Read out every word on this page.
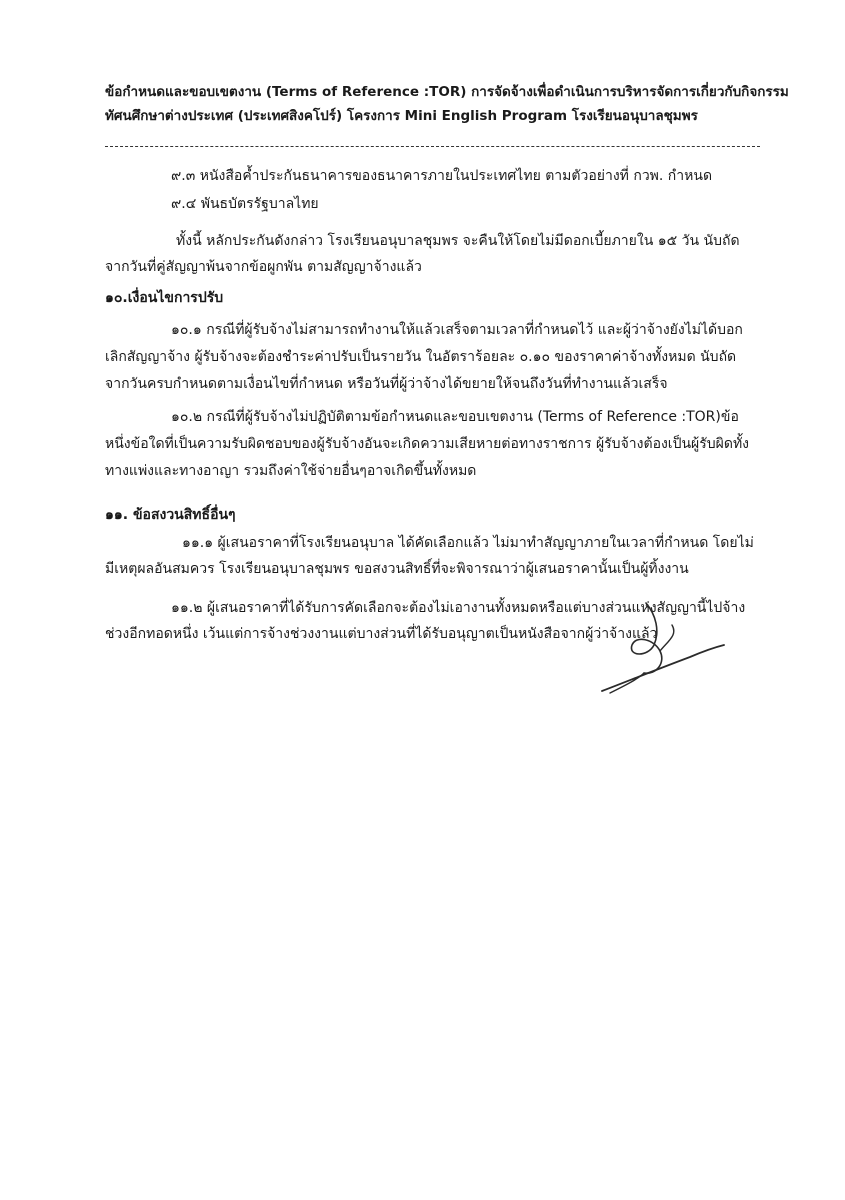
ข้อกำหนดและขอบเขตงาน (Terms of Reference :TOR) การจัดจ้างเพื่อดำเนินการบริหารจัดการเกี่ยวกับกิจกรรม
ทัศนศึกษาต่างประเทศ (ประเทศสิงคโปร์) โครงการ Mini English Program โรงเรียนอนุบาลชุมพร
๙.๓ หนังสือค้ำประกันธนาคารของธนาคารภายในประเทศไทย ตามตัวอย่างที่ กวพ. กำหนด
๙.๔ พันธบัตรรัฐบาลไทย
ทั้งนี้ หลักประกันดังกล่าว โรงเรียนอนุบาลชุมพร จะคืนให้โดยไม่มีดอกเบี้ยภายใน ๑๕ วัน นับถัด
จากวันที่คู่สัญญาพ้นจากข้อผูกพัน ตามสัญญาจ้างแล้ว
๑๐.เงื่อนไขการปรับ
๑๐.๑ กรณีที่ผู้รับจ้างไม่สามารถทำงานให้แล้วเสร็จตามเวลาที่กำหนดไว้ และผู้ว่าจ้างยังไม่ได้บอก
เลิกสัญญาจ้าง ผู้รับจ้างจะต้องชำระค่าปรับเป็นรายวัน ในอัตราร้อยละ ๐.๑๐ ของราคาค่าจ้างทั้งหมด นับถัด
จากวันครบกำหนดตามเงื่อนไขที่กำหนด หรือวันที่ผู้ว่าจ้างได้ขยายให้จนถึงวันที่ทำงานแล้วเสร็จ
๑๐.๒ กรณีที่ผู้รับจ้างไม่ปฏิบัติตามข้อกำหนดและขอบเขตงาน (Terms of Reference :TOR)ข้อ
หนึ่งข้อใดที่เป็นความรับผิดชอบของผู้รับจ้างอันจะเกิดความเสียหายต่อทางราชการ ผู้รับจ้างต้องเป็นผู้รับผิดทั้ง
ทางแพ่งและทางอาญา รวมถึงค่าใช้จ่ายอื่นๆอาจเกิดขึ้นทั้งหมด
๑๑. ข้อสงวนสิทธิ์อื่นๆ
๑๑.๑ ผู้เสนอราคาที่โรงเรียนอนุบาล ได้คัดเลือกแล้ว ไม่มาทำสัญญาภายในเวลาที่กำหนด โดยไม่
มีเหตุผลอันสมควร โรงเรียนอนุบาลชุมพร ขอสงวนสิทธิ์ที่จะพิจารณาว่าผู้เสนอราคานั้นเป็นผู้ทิ้งงาน
๑๑.๒ ผู้เสนอราคาที่ได้รับการคัดเลือกจะต้องไม่เอางานทั้งหมดหรือแต่บางส่วนแห่งสัญญานี้ไปจ้าง
ช่วงอีกทอดหนึ่ง เว้นแต่การจ้างช่วงงานแต่บางส่วนที่ได้รับอนุญาตเป็นหนังสือจากผู้ว่าจ้างแล้ว
